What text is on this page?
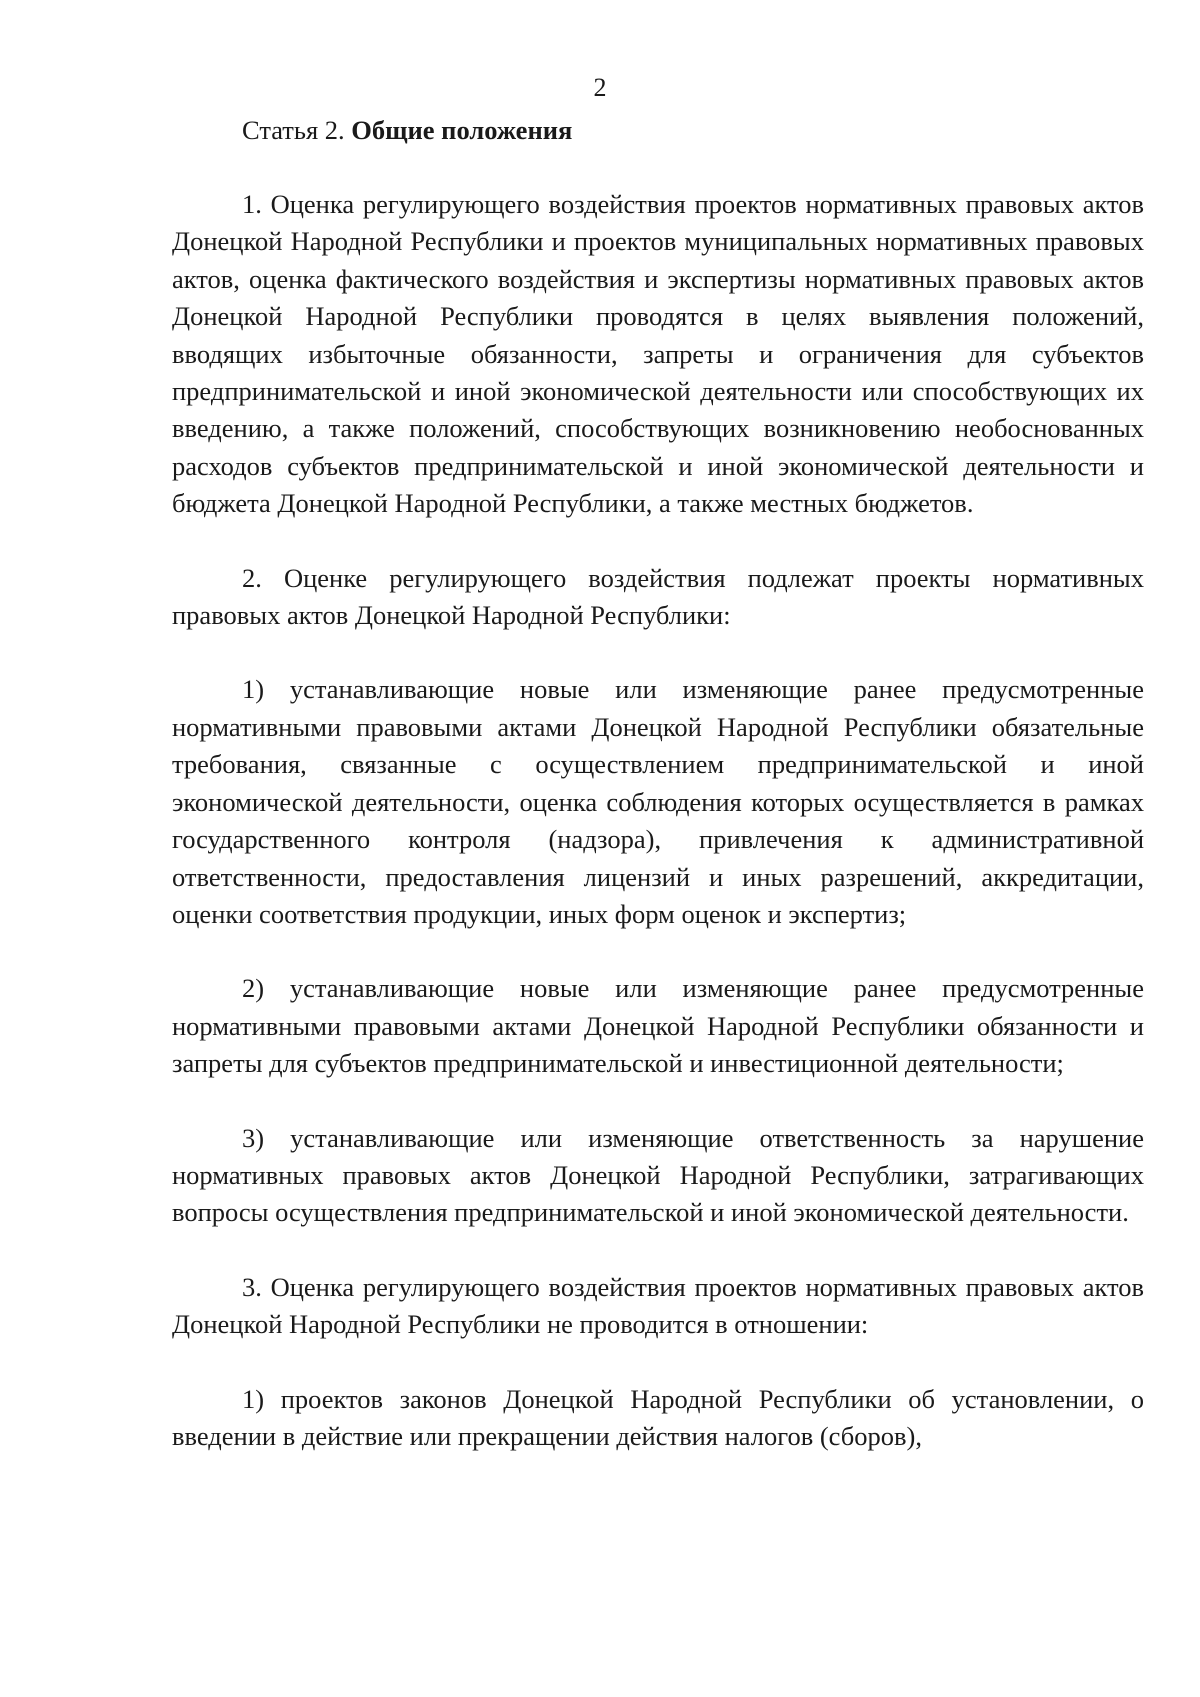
2

Статья 2. Общие положения

1. Оценка регулирующего воздействия проектов нормативных правовых актов Донецкой Народной Республики и проектов муниципальных нормативных правовых актов, оценка фактического воздействия и экспертизы нормативных правовых актов Донецкой Народной Республики проводятся в целях выявления положений, вводящих избыточные обязанности, запреты и ограничения для субъектов предпринимательской и иной экономической деятельности или способствующих их введению, а также положений, способствующих возникновению необоснованных расходов субъектов предпринимательской и иной экономической деятельности и бюджета Донецкой Народной Республики, а также местных бюджетов.

2. Оценке регулирующего воздействия подлежат проекты нормативных правовых актов Донецкой Народной Республики:

1) устанавливающие новые или изменяющие ранее предусмотренные нормативными правовыми актами Донецкой Народной Республики обязательные требования, связанные с осуществлением предпринимательской и иной экономической деятельности, оценка соблюдения которых осуществляется в рамках государственного контроля (надзора), привлечения к административной ответственности, предоставления лицензий и иных разрешений, аккредитации, оценки соответствия продукции, иных форм оценок и экспертиз;

2) устанавливающие новые или изменяющие ранее предусмотренные нормативными правовыми актами Донецкой Народной Республики обязанности и запреты для субъектов предпринимательской и инвестиционной деятельности;

3) устанавливающие или изменяющие ответственность за нарушение нормативных правовых актов Донецкой Народной Республики, затрагивающих вопросы осуществления предпринимательской и иной экономической деятельности.

3. Оценка регулирующего воздействия проектов нормативных правовых актов Донецкой Народной Республики не проводится в отношении:

1) проектов законов Донецкой Народной Республики об установлении, о введении в действие или прекращении действия налогов (сборов),
